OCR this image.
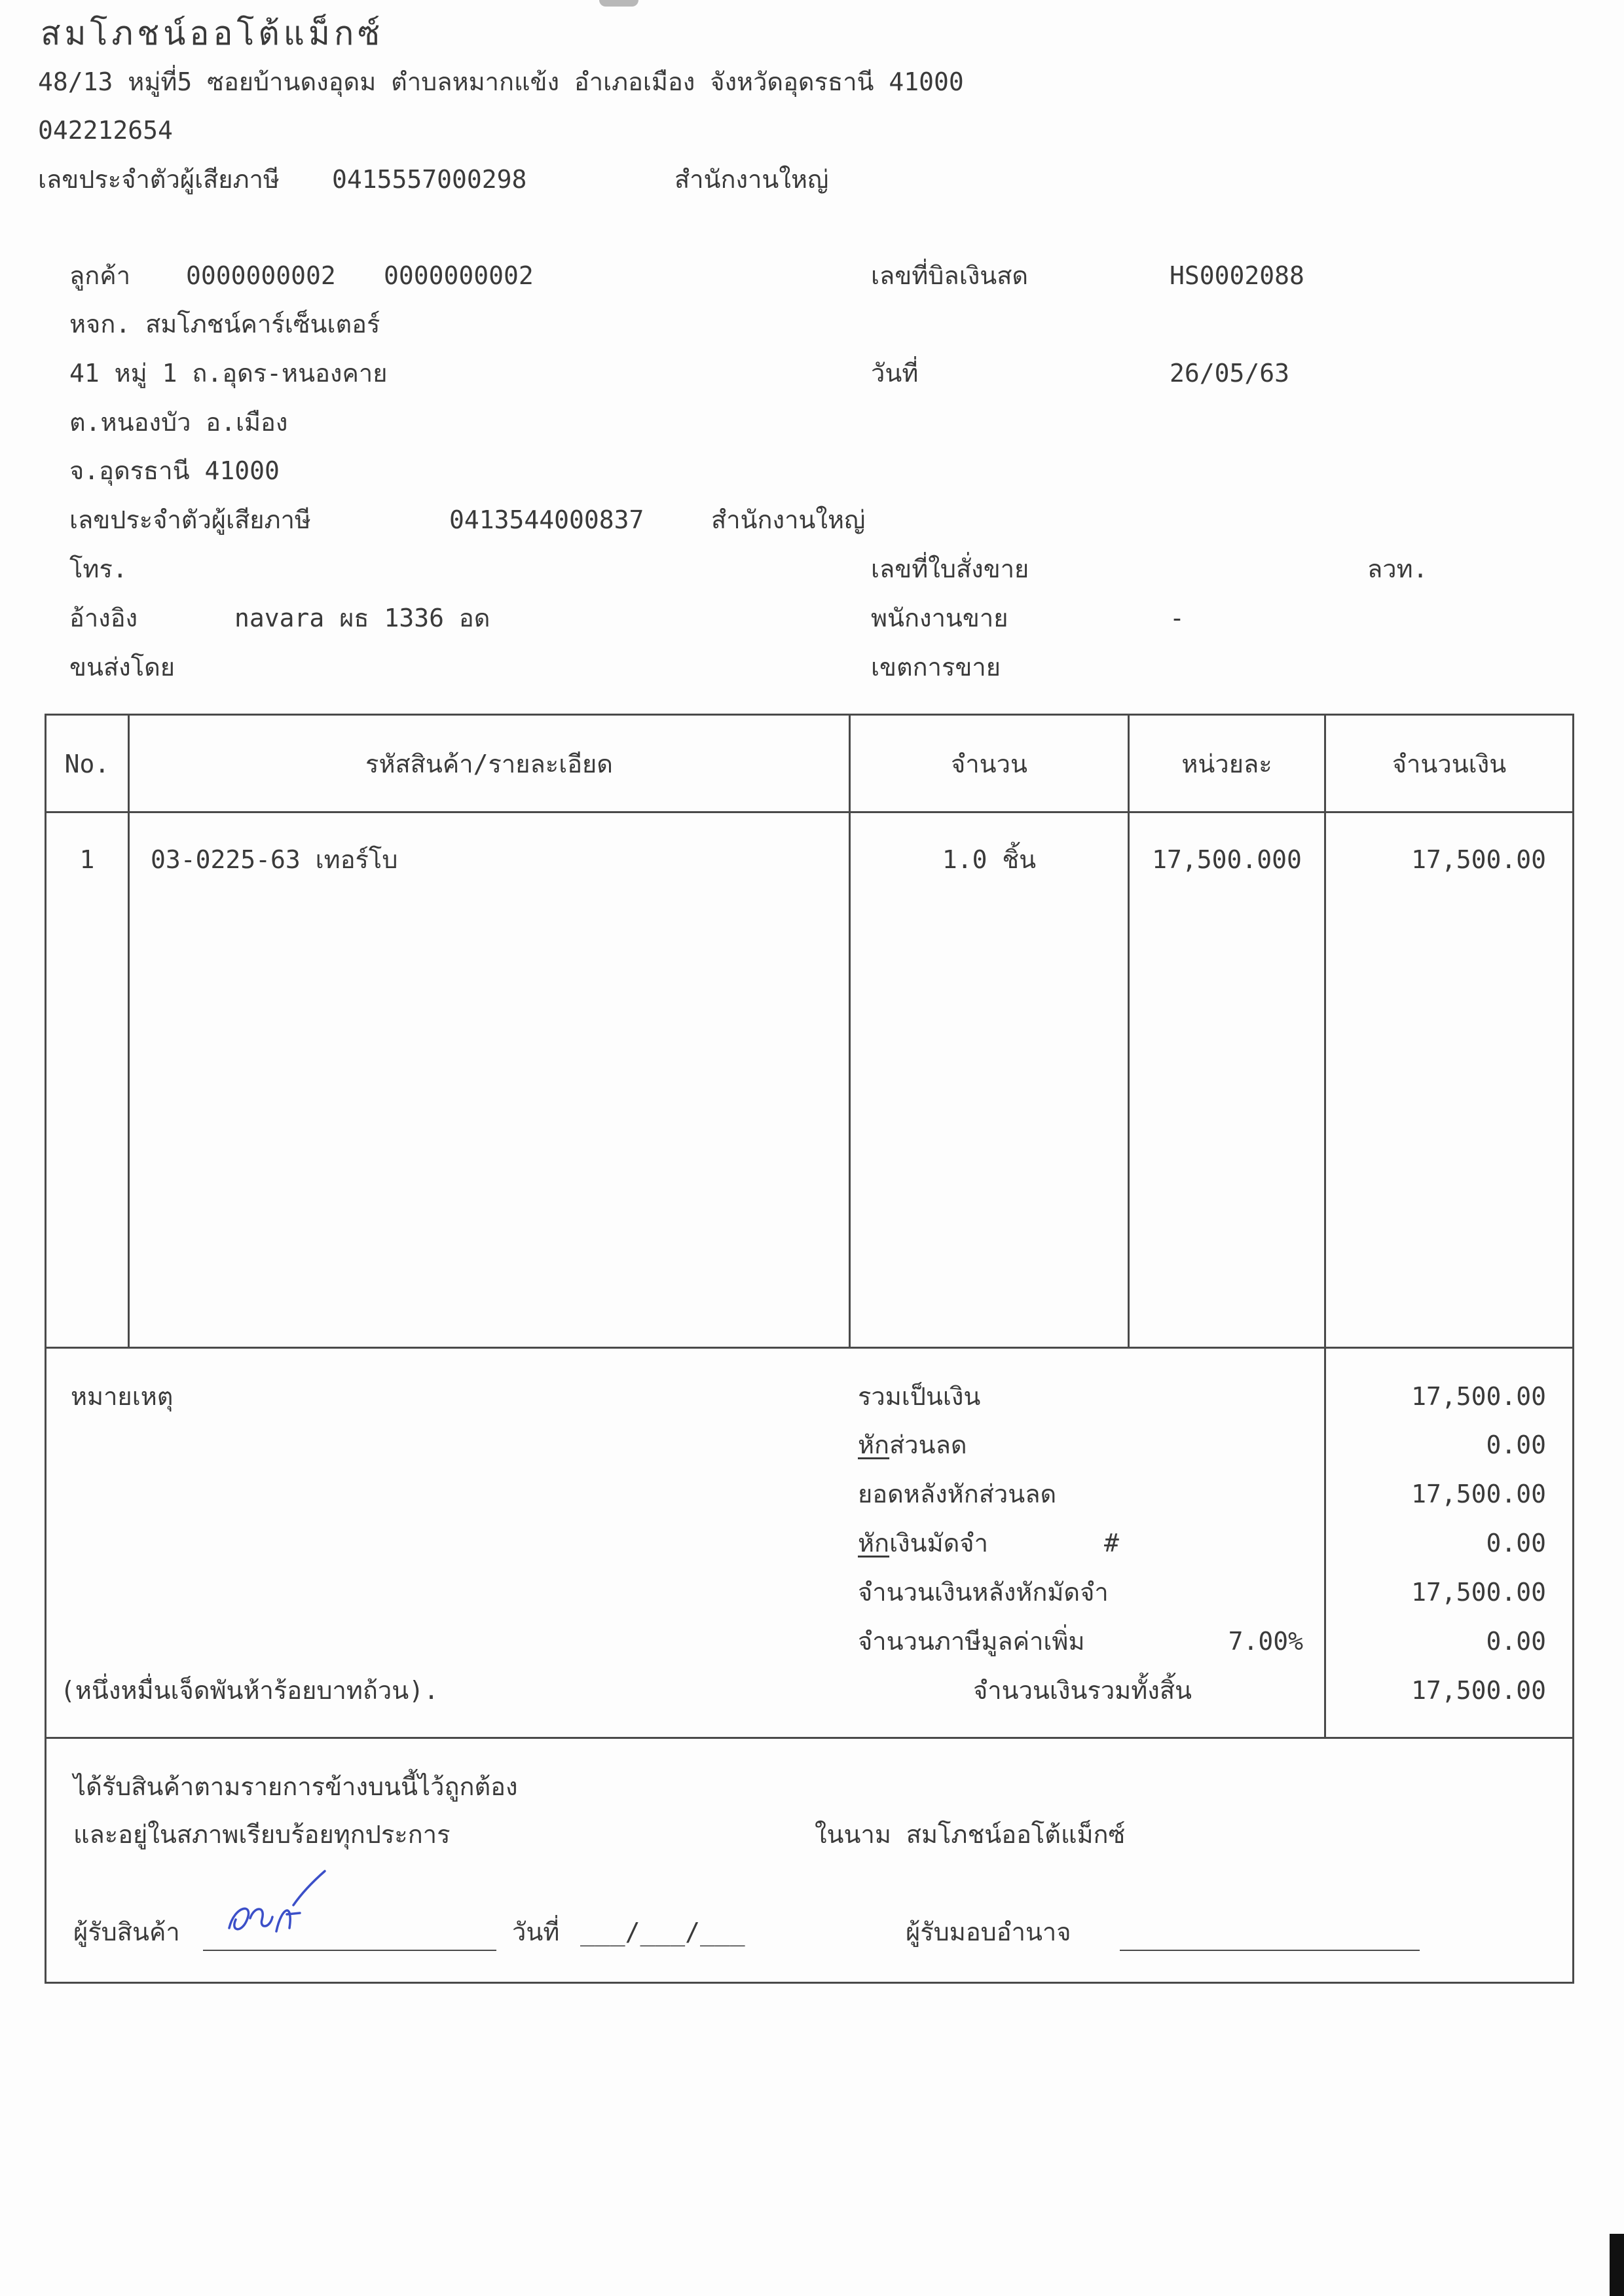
สมโภชน์ออโต้แม็กซ์
48/13 หมู่ที่5 ซอยบ้านดงอุดม ตำบลหมากแข้ง อำเภอเมือง จังหวัดอุดรธานี 41000
042212654
เลขประจำตัวผู้เสียภาษี 0415557000298	สำนักงานใหญ่
ลูกค้า 0000000002 0000000002
หจก. สมโภชน์คาร์เซ็นเตอร์
41 หมู่ 1 ถ.อุดร-หนองคาย
ต.หนองบัว อ.เมือง
จ.อุดรธานี 41000
เลขประจำตัวผู้เสียภาษี	0413544000837	สำนักงานใหญ่
โทร.
อ้างอิง	navara ผธ 1336 อด
ขนส่งโดย
เลขที่บิลเงินสด	HS0002088
วันที่	26/05/63
เลขที่ใบสั่งขาย	ลวท.
พนักงานขาย	-
เขตการขาย
No.	รหัสสินค้า/รายละเอียด	จำนวน	หน่วยละ	จำนวนเงิน
1	03-0225-63 เทอร์โบ	1.0 ชิ้น	17,500.000	17,500.00
หมายเหตุ
(หนึ่งหมื่นเจ็ดพันห้าร้อยบาทถ้วน).
รวมเป็นเงิน	17,500.00
หักส่วนลด	0.00
ยอดหลังหักส่วนลด	17,500.00
หักเงินมัดจำ	#	0.00
จำนวนเงินหลังหักมัดจำ	17,500.00
จำนวนภาษีมูลค่าเพิ่ม	7.00%	0.00
จำนวนเงินรวมทั้งสิ้น	17,500.00
ได้รับสินค้าตามรายการข้างบนนี้ไว้ถูกต้อง
และอยู่ในสภาพเรียบร้อยทุกประการ	ในนาม สมโภชน์ออโต้แม็กซ์
ผู้รับสินค้า	วันที่ ___/___/___	ผู้รับมอบอำนาจ
